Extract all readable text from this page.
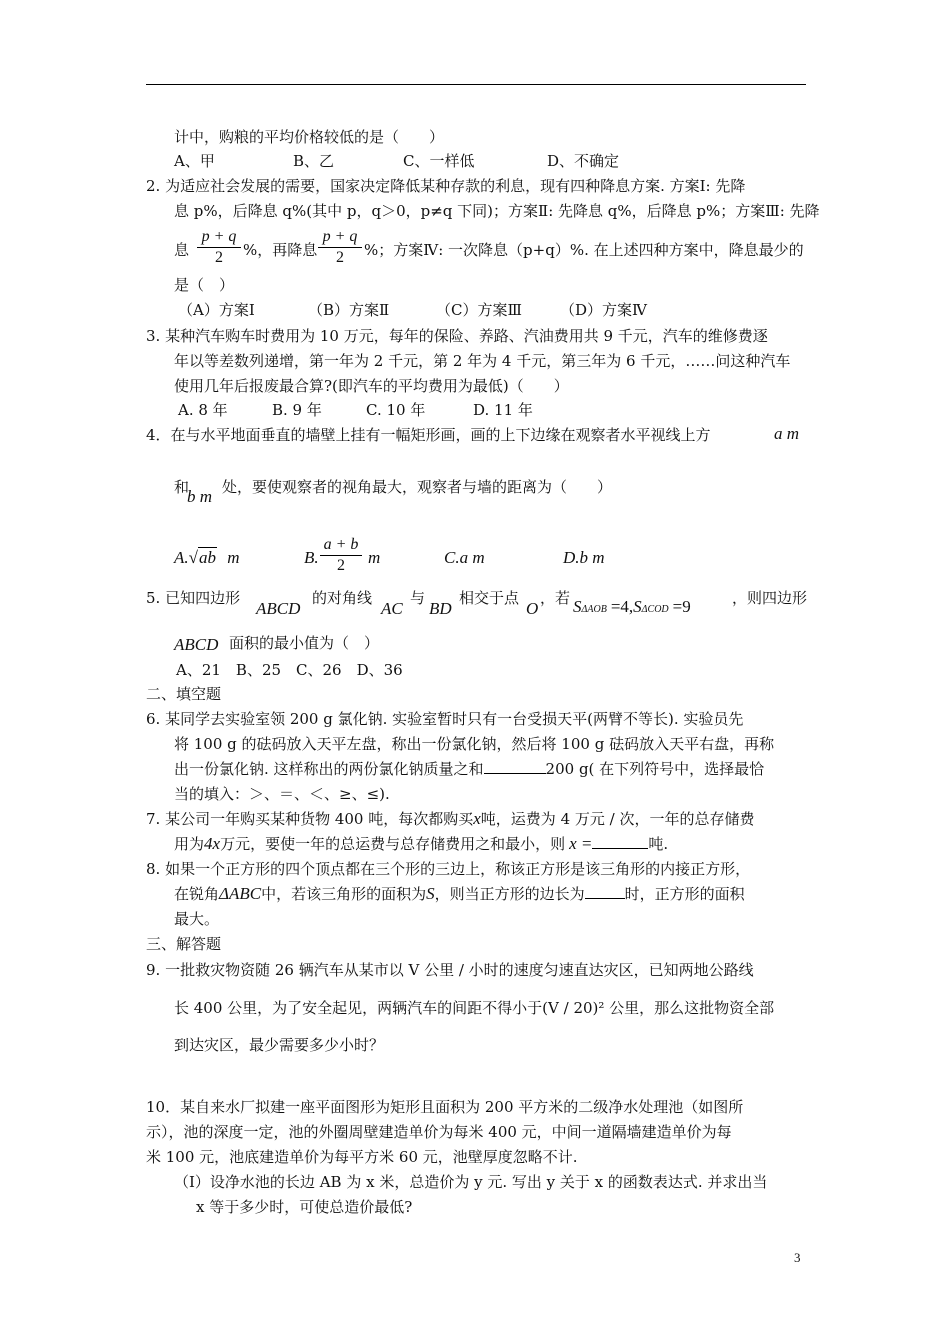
计中，购粮的平均价格较低的是（　　）
A、甲	B、乙	C、一样低	D、不确定
2. 为适应社会发展的需要，国家决定降低某种存款的利息，现有四种降息方案. 方案Ⅰ: 先降
息 p%，后降息 q%(其中 p，q＞0，p≠q 下同)；方案Ⅱ: 先降息 q%，后降息 p%；方案Ⅲ: 先降
息 $\frac{p + q}{2}$ %，再降息 $\frac{p + q}{2}$ %；方案Ⅳ: 一次降息（p+q）%. 在上述四种方案中，降息最少的
是（　）
（A）方案Ⅰ	（B）方案Ⅱ	（C）方案Ⅲ	（D）方案Ⅳ
3. 某种汽车购车时费用为 10 万元，每年的保险、养路、汽油费用共 9 千元，汽车的维修费逐
年以等差数列递增，第一年为 2 千元，第 2 年为 4 千元，第三年为 6 千元，……问这种汽车
使用几年后报废最合算?(即汽车的平均费用为最低)（　　）
A. 8 年	B. 9 年	C. 10 年	D. 11 年
4．在与水平地面垂直的墙壁上挂有一幅矩形画，画的上下边缘在观察者水平视线上方	a m
和
b m 处，要使观察者的视角最大，观察者与墙的距离为（　　）
A.√ab m	B. $\frac{a + b}{2}$ m	C.a m	D.b m
5. 已知四边形
ABCD
的对角线
AC
与
BD
相交于点
O
，若 SΔAOB =4,SΔCOD =9	，则四边形
ABCD 面积的最小值为（　）
A、21　B、25　C、26　D、36
二、填空题
6. 某同学去实验室领 200 g 氯化钠. 实验室暂时只有一台受损天平(两臂不等长). 实验员先
将 100 g 的砝码放入天平左盘，称出一份氯化钠，然后将 100 g 砝码放入天平右盘，再称
出一份氯化钠. 这样称出的两份氯化钠质量之和	200 g( 在下列符号中，选择最恰
当的填入：＞、＝、＜、≥、≤).
7. 某公司一年购买某种货物 400 吨，每次都购买x吨，运费为 4 万元 / 次，一年的总存储费
用为4x万元，要使一年的总运费与总存储费用之和最小，则 x =	吨.
8. 如果一个正方形的四个顶点都在三个形的三边上，称该正方形是该三角形的内接正方形，
在锐角ΔABC中，若该三角形的面积为S，则当正方形的边长为	时，正方形的面积
最大。
三、解答题
9. 一批救灾物资随 26 辆汽车从某市以 V 公里 / 小时的速度匀速直达灾区，已知两地公路线
长 400 公里，为了安全起见，两辆汽车的间距不得小于(V / 20)² 公里，那么这批物资全部
到达灾区，最少需要多少小时？
10．某自来水厂拟建一座平面图形为矩形且面积为 200 平方米的二级净水处理池（如图所
示），池的深度一定，池的外圈周壁建造单价为每米 400 元，中间一道隔墙建造单价为每
米 100 元，池底建造单价为每平方米 60 元，池壁厚度忽略不计.
（Ⅰ）设净水池的长边 AB 为 x 米，总造价为 y 元. 写出 y 关于 x 的函数表达式. 并求出当
x 等于多少时，可使总造价最低?
3
